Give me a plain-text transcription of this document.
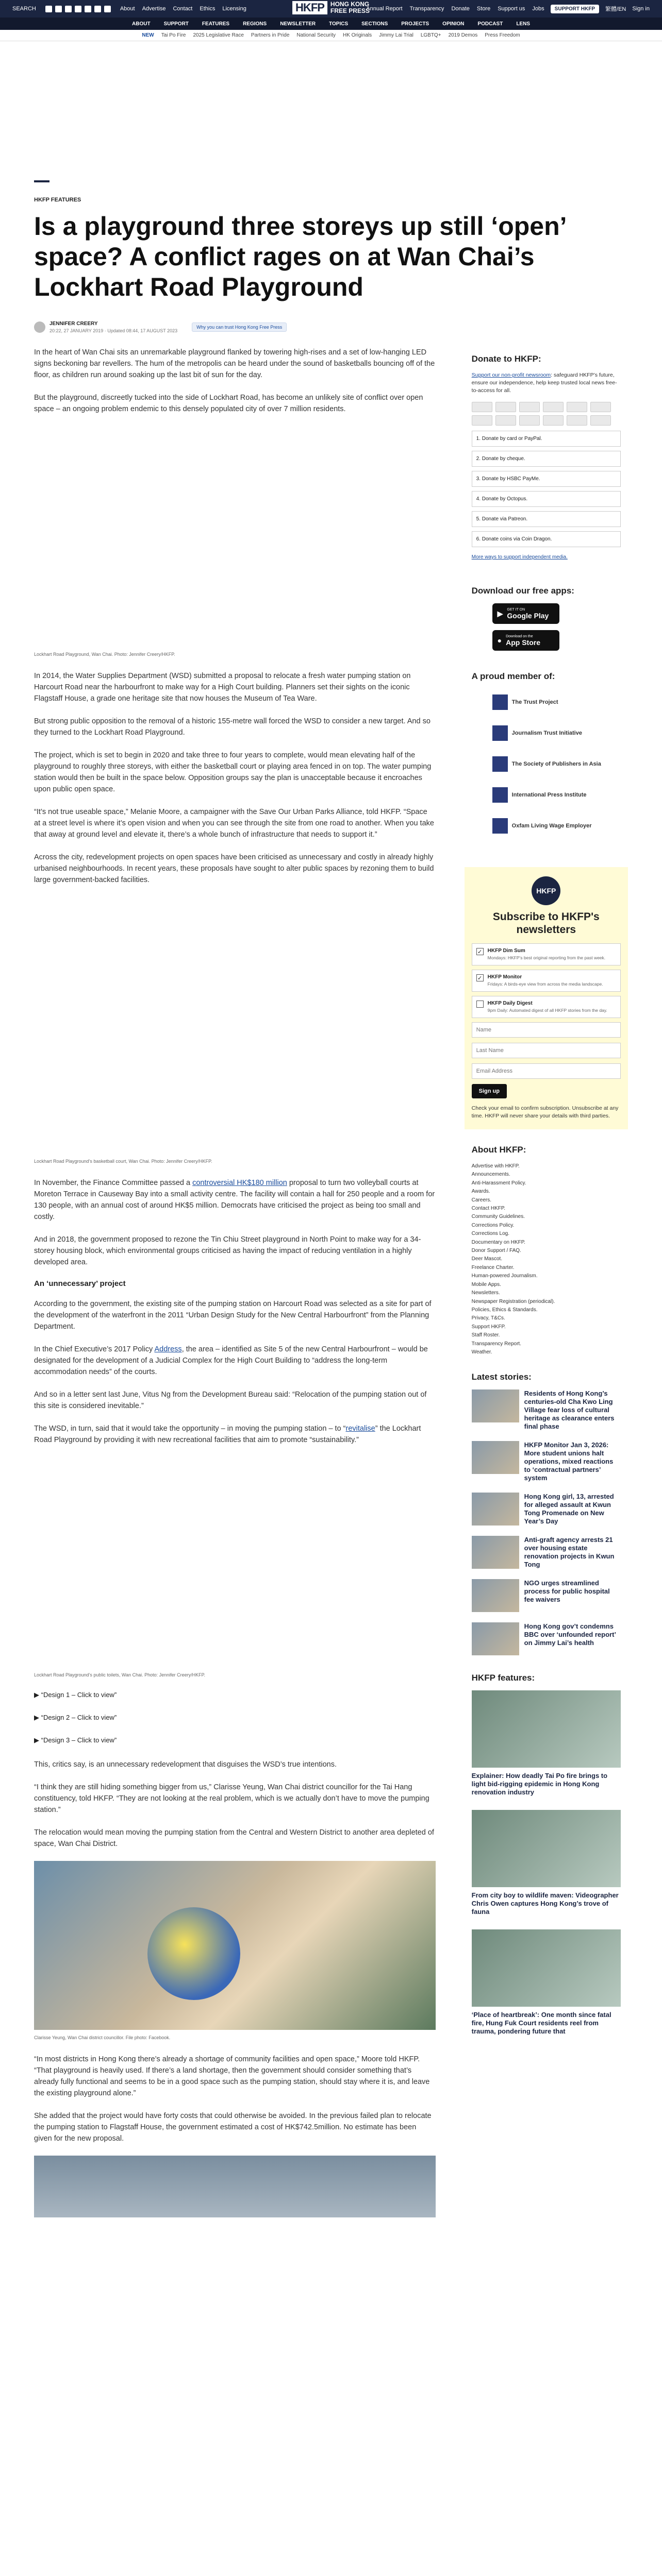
SEARCH	About Advertise Contact Ethics Licensing	HKFP	HONG KONG
FREE PRESS
Annual Report Transparency Donate Store Support us Jobs	SUPPORT HKFP	繁體/EN Sign in
ABOUT	SUPPORT	FEATURES	REGIONS	NEWSLETTER	TOPICS	SECTIONS	PROJECTS	OPINION	PODCAST	LENS
NEW Tai Po Fire 2025 Legislative Race Partners in Pride National Security HK Originals Jimmy Lai Trial LGBTQ+ 2019 Demos Press Freedom
HKFP FEATURES
Is a playground three storeys up still ‘open’ space? A conflict rages on at Wan Chai’s Lockhart Road Playground
JENNIFER CREERY
20:22, 27 JANUARY 2019 · Updated 08:44, 17 AUGUST 2023
Why you can trust Hong Kong Free Press

In the heart of Wan Chai sits an unremarkable playground flanked by towering high-rises and a set of low-hanging LED signs beckoning bar revellers. The hum of the metropolis can be heard under the sound of basketballs bouncing off of the floor, as children run around soaking up the last bit of sun for the day.

But the playground, discreetly tucked into the side of Lockhart Road, has become an unlikely site of conflict over open space – an ongoing problem endemic to this densely populated city of over 7 million residents.

Lockhart Road Playground, Wan Chai. Photo: Jennifer Creery/HKFP.

In 2014, the Water Supplies Department (WSD) submitted a proposal to relocate a fresh water pumping station on Harcourt Road near the harbourfront to make way for a High Court building. Planners set their sights on the iconic Flagstaff House, a grade one heritage site that now houses the Museum of Tea Ware.

But strong public opposition to the removal of a historic 155-metre wall forced the WSD to consider a new target. And so they turned to the Lockhart Road Playground.

The project, which is set to begin in 2020 and take three to four years to complete, would mean elevating half of the playground to roughly three storeys, with either the basketball court or playing area fenced in on top. The water pumping station would then be built in the space below. Opposition groups say the plan is unacceptable because it encroaches upon public open space.

“It’s not true useable space,” Melanie Moore, a campaigner with the Save Our Urban Parks Alliance, told HKFP. “Space at a street level is where it’s open vision and when you can see through the site from one road to another. When you take that away at ground level and elevate it, there’s a whole bunch of infrastructure that needs to support it.”

Across the city, redevelopment projects on open spaces have been criticised as unnecessary and costly in already highly urbanised neighbourhoods. In recent years, these proposals have sought to alter public spaces by rezoning them to build large government-backed facilities.

Lockhart Road Playground’s basketball court, Wan Chai. Photo: Jennifer Creery/HKFP.

In November, the Finance Committee passed a controversial HK$180 million proposal to turn two volleyball courts at Moreton Terrace in Causeway Bay into a small activity centre. The facility will contain a hall for 250 people and a room for 130 people, with an annual cost of around HK$5 million. Democrats have criticised the project as being too small and costly.

And in 2018, the government proposed to rezone the Tin Chiu Street playground in North Point to make way for a 34-storey housing block, which environmental groups criticised as having the impact of reducing ventilation in a highly developed area.

An ‘unnecessary’ project

According to the government, the existing site of the pumping station on Harcourt Road was selected as a site for part of the development of the waterfront in the 2011 “Urban Design Study for the New Central Harbourfront” from the Planning Department.

In the Chief Executive’s 2017 Policy Address, the area – identified as Site 5 of the new Central Harbourfront – would be designated for the development of a Judicial Complex for the High Court Building to “address the long-term accommodation needs” of the courts.

And so in a letter sent last June, Vitus Ng from the Development Bureau said: “Relocation of the pumping station out of this site is considered inevitable.”

The WSD, in turn, said that it would take the opportunity – in moving the pumping station – to “revitalise” the Lockhart Road Playground by providing it with new recreational facilities that aim to promote “sustainability.”

Lockhart Road Playground’s public toilets, Wan Chai. Photo: Jennifer Creery/HKFP.
▶ “Design 1 – Click to view”
▶ “Design 2 – Click to view”
▶ “Design 3 – Click to view”

This, critics say, is an unnecessary redevelopment that disguises the WSD’s true intentions.

“I think they are still hiding something bigger from us,” Clarisse Yeung, Wan Chai district councillor for the Tai Hang constituency, told HKFP. “They are not looking at the real problem, which is we actually don’t have to move the pumping station.”

The relocation would mean moving the pumping station from the Central and Western District to another area depleted of space, Wan Chai District.

Clarisse Yeung, Wan Chai district councillor. File photo: Facebook.

“In most districts in Hong Kong there’s already a shortage of community facilities and open space,” Moore told HKFP. “That playground is heavily used. If there’s a land shortage, then the government should consider something that’s already fully functional and seems to be in a good space such as the pumping station, should stay where it is, and leave the existing playground alone.”

She added that the project would have forty costs that could otherwise be avoided. In the previous failed plan to relocate the pumping station to Flagstaff House, the government estimated a cost of HK$742.5million. No estimate has been given for the new proposal.

Donate to HKFP:
Support our non-profit newsroom: safeguard HKFP’s future, ensure our independence, help keep trusted local news free-to-access for all.
1. Donate by card or PayPal.
2. Donate by cheque.
3. Donate by HSBC PayMe.
4. Donate by Octopus.
5. Donate via Patreon.
6. Donate coins via Coin Dragon.
More ways to support independent media.
Download our free apps:
▶ GET IT ON
Google Play
● Download on the
App Store
A proud member of:
The Trust Project
Journalism Trust Initiative
The Society of Publishers in Asia
International Press Institute
Oxfam Living Wage Employer
HKFP
Subscribe to HKFP's newsletters
✓ HKFP Dim Sum
Mondays: HKFP’s best original reporting from the past week.
✓ HKFP Monitor
Fridays: A birds-eye view from across the media landscape.
HKFP Daily Digest
9pm Daily: Automated digest of all HKFP stories from the day.
Name Last Name Email Address Sign up
Check your email to confirm subscription. Unsubscribe at any time. HKFP will never share your details with third parties.
About HKFP:
Advertise with HKFP.
Announcements.
Anti-Harassment Policy.
Awards.
Careers.
Contact HKFP.
Community Guidelines.
Corrections Policy.
Corrections Log.
Documentary on HKFP.
Donor Support / FAQ.
Deer Mascot.
Freelance Charter.
Human-powered Journalism.
Mobile Apps.
Newsletters.
Newspaper Registration (periodical).
Policies, Ethics & Standards.
Privacy, T&Cs.
Support HKFP.
Staff Roster.
Transparency Report.
Weather.
Latest stories:
Residents of Hong Kong’s centuries-old Cha Kwo Ling Village fear loss of cultural heritage as clearance enters final phase
HKFP Monitor Jan 3, 2026: More student unions halt operations, mixed reactions to ‘contractual partners’ system
Hong Kong girl, 13, arrested for alleged assault at Kwun Tong Promenade on New Year’s Day
Anti-graft agency arrests 21 over housing estate renovation projects in Kwun Tong
NGO urges streamlined process for public hospital fee waivers
Hong Kong gov’t condemns BBC over ‘unfounded report’ on Jimmy Lai’s health
HKFP features:
Explainer: How deadly Tai Po fire brings to light bid-rigging epidemic in Hong Kong renovation industry
From city boy to wildlife maven: Videographer Chris Owen captures Hong Kong’s trove of fauna
‘Place of heartbreak’: One month since fatal fire, Hung Fuk Court residents reel from trauma, pondering future that
